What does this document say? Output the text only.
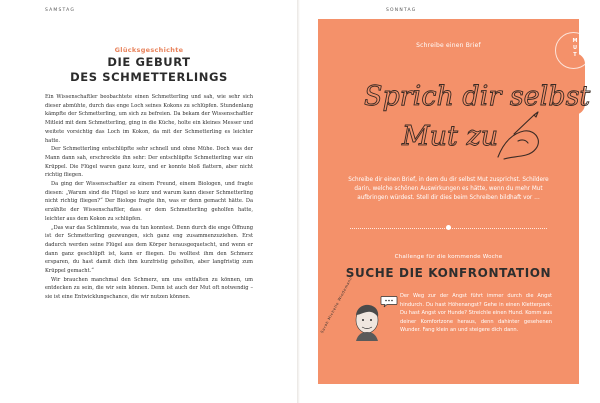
SAMSTAG
Glücksgeschichte
DIE GEBURT
DES SCHMETTERLINGS

Ein Wissenschaftler beobachtete einen Schmetterling und sah, wie sehr sich dieser abmühte, durch das enge Loch seines Kokons zu schlüpfen. Stundenlang kämpfte der Schmetterling, um sich zu befreien. Da bekam der Wissenschaftler Mitleid mit dem Schmetterling, ging in die Küche, holte ein kleines Messer und weitete vorsichtig das Loch im Kokon, da mit der Schmetterling es leichter hatte.

Der Schmetterling entschlüpfte sehr schnell und ohne Mühe. Doch was der Mann dann sah, erschreckte ihn sehr: Der entschlüpfte Schmetterling war ein Krüppel. Die Flügel waren ganz kurz, und er konnte bloß flattern, aber nicht richtig fliegen.

Da ging der Wissenschaftler zu einem Freund, einem Biologen, und fragte diesen: „Warum sind die Flügel so kurz und warum kann dieser Schmetterling nicht richtig fliegen?“ Der Biologe fragte ihn, was er denn gemacht hätte. Da erzählte der Wissenschaftler, dass er dem Schmetterling geholfen hatte, leichter aus dem Kokon zu schlüpfen.

„Das war das Schlimmste, was du tun konntest. Denn durch die enge Öffnung ist der Schmetterling gezwungen, sich ganz eng zusammenzuziehen. Erst dadurch werden seine Flügel aus dem Körper herausgequetscht, und wenn er dann ganz geschlüpft ist, kann er fliegen. Du wolltest ihm den Schmerz ersparen, du hast damit dich ihm kurzfristig geholfen, aber langfristig zum Krüppel gemacht.“

Wir brauchen manchmal den Schmerz, um uns entfalten zu können, um entdecken zu sein, die wir sein können. Denn ist auch der Mut oft notwendig – sie ist eine Entwicklungschance, die wir nutzen können.

SONNTAG
Schreibe einen Brief
Sprich dir selbst
Mut zu
Schreibe dir einen Brief, in dem du dir selbst Mut zusprichst. Schildere darin, welche schönen Auswirkungen es hätte, wenn du mehr Mut aufbringen würdest. Stell dir dies beim Schreiben bildhaft vor …
Challenge für die kommende Woche
SUCHE DIE KONFRONTATION
Sarah Michelle Wiedemann	Der Weg zur der Angst führt immer durch die Angst hindurch. Du hast Höhenangst? Gehe in einen Kletterpark. Du hast Angst vor Hunde? Streichle einen Hund. Komm aus deiner Komfortzone heraus, denn dahinter gesehenen Wunder. Fang klein an und steigere dich dann.
MUT
